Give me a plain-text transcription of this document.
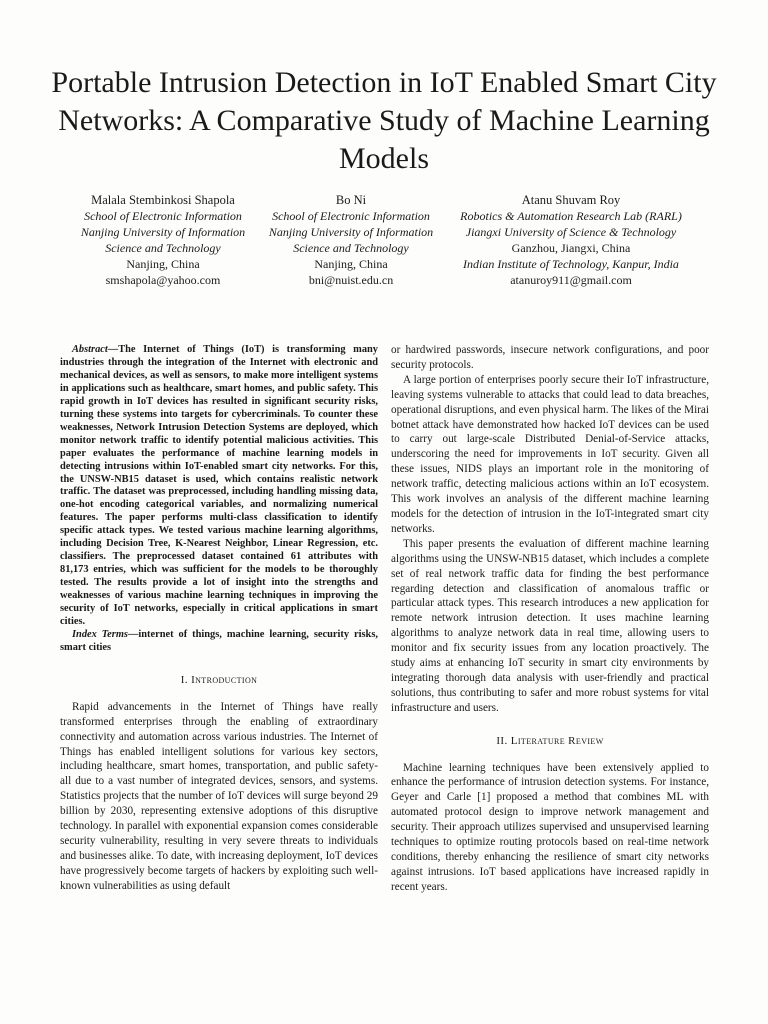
Portable Intrusion Detection in IoT Enabled Smart City Networks: A Comparative Study of Machine Learning Models
Malala Stembinkosi Shapola
School of Electronic Information
Nanjing University of Information
Science and Technology
Nanjing, China
smshapola@yahoo.com
Bo Ni
School of Electronic Information
Nanjing University of Information
Science and Technology
Nanjing, China
bni@nuist.edu.cn
Atanu Shuvam Roy
Robotics & Automation Research Lab (RARL)
Jiangxi University of Science & Technology
Ganzhou, Jiangxi, China
Indian Institute of Technology, Kanpur, India
atanuroy911@gmail.com

Abstract—The Internet of Things (IoT) is transforming many industries through the integration of the Internet with electronic and mechanical devices, as well as sensors, to make more intelligent systems in applications such as healthcare, smart homes, and public safety. This rapid growth in IoT devices has resulted in significant security risks, turning these systems into targets for cybercriminals. To counter these weaknesses, Network Intrusion Detection Systems are deployed, which monitor network traffic to identify potential malicious activities. This paper evaluates the performance of machine learning models in detecting intrusions within IoT-enabled smart city networks. For this, the UNSW-NB15 dataset is used, which contains realistic network traffic. The dataset was preprocessed, including handling missing data, one-hot encoding categorical variables, and normalizing numerical features. The paper performs multi-class classification to identify specific attack types. We tested various machine learning algorithms, including Decision Tree, K-Nearest Neighbor, Linear Regression, etc. classifiers. The preprocessed dataset contained 61 attributes with 81,173 entries, which was sufficient for the models to be thoroughly tested. The results provide a lot of insight into the strengths and weaknesses of various machine learning techniques in improving the security of IoT networks, especially in critical applications in smart cities.

Index Terms—internet of things, machine learning, security risks, smart cities

I. Introduction

Rapid advancements in the Internet of Things have really transformed enterprises through the enabling of extraordinary connectivity and automation across various industries. The Internet of Things has enabled intelligent solutions for various key sectors, including healthcare, smart homes, transportation, and public safety-all due to a vast number of integrated devices, sensors, and systems. Statistics projects that the number of IoT devices will surge beyond 29 billion by 2030, representing extensive adoptions of this disruptive technology. In parallel with exponential expansion comes considerable security vulnerability, resulting in very severe threats to individuals and businesses alike. To date, with increasing deployment, IoT devices have progressively become targets of hackers by exploiting such well-known vulnerabilities as using default

or hardwired passwords, insecure network configurations, and poor security protocols.

A large portion of enterprises poorly secure their IoT infrastructure, leaving systems vulnerable to attacks that could lead to data breaches, operational disruptions, and even physical harm. The likes of the Mirai botnet attack have demonstrated how hacked IoT devices can be used to carry out large-scale Distributed Denial-of-Service attacks, underscoring the need for improvements in IoT security. Given all these issues, NIDS plays an important role in the monitoring of network traffic, detecting malicious actions within an IoT ecosystem. This work involves an analysis of the different machine learning models for the detection of intrusion in the IoT-integrated smart city networks.

This paper presents the evaluation of different machine learning algorithms using the UNSW-NB15 dataset, which includes a complete set of real network traffic data for finding the best performance regarding detection and classification of anomalous traffic or particular attack types. This research introduces a new application for remote network intrusion detection. It uses machine learning algorithms to analyze network data in real time, allowing users to monitor and fix security issues from any location proactively. The study aims at enhancing IoT security in smart city environments by integrating thorough data analysis with user-friendly and practical solutions, thus contributing to safer and more robust systems for vital infrastructure and users.

II. Literature Review

Machine learning techniques have been extensively applied to enhance the performance of intrusion detection systems. For instance, Geyer and Carle [1] proposed a method that combines ML with automated protocol design to improve network management and security. Their approach utilizes supervised and unsupervised learning techniques to optimize routing protocols based on real-time network conditions, thereby enhancing the resilience of smart city networks against intrusions. IoT based applications have increased rapidly in recent years.
